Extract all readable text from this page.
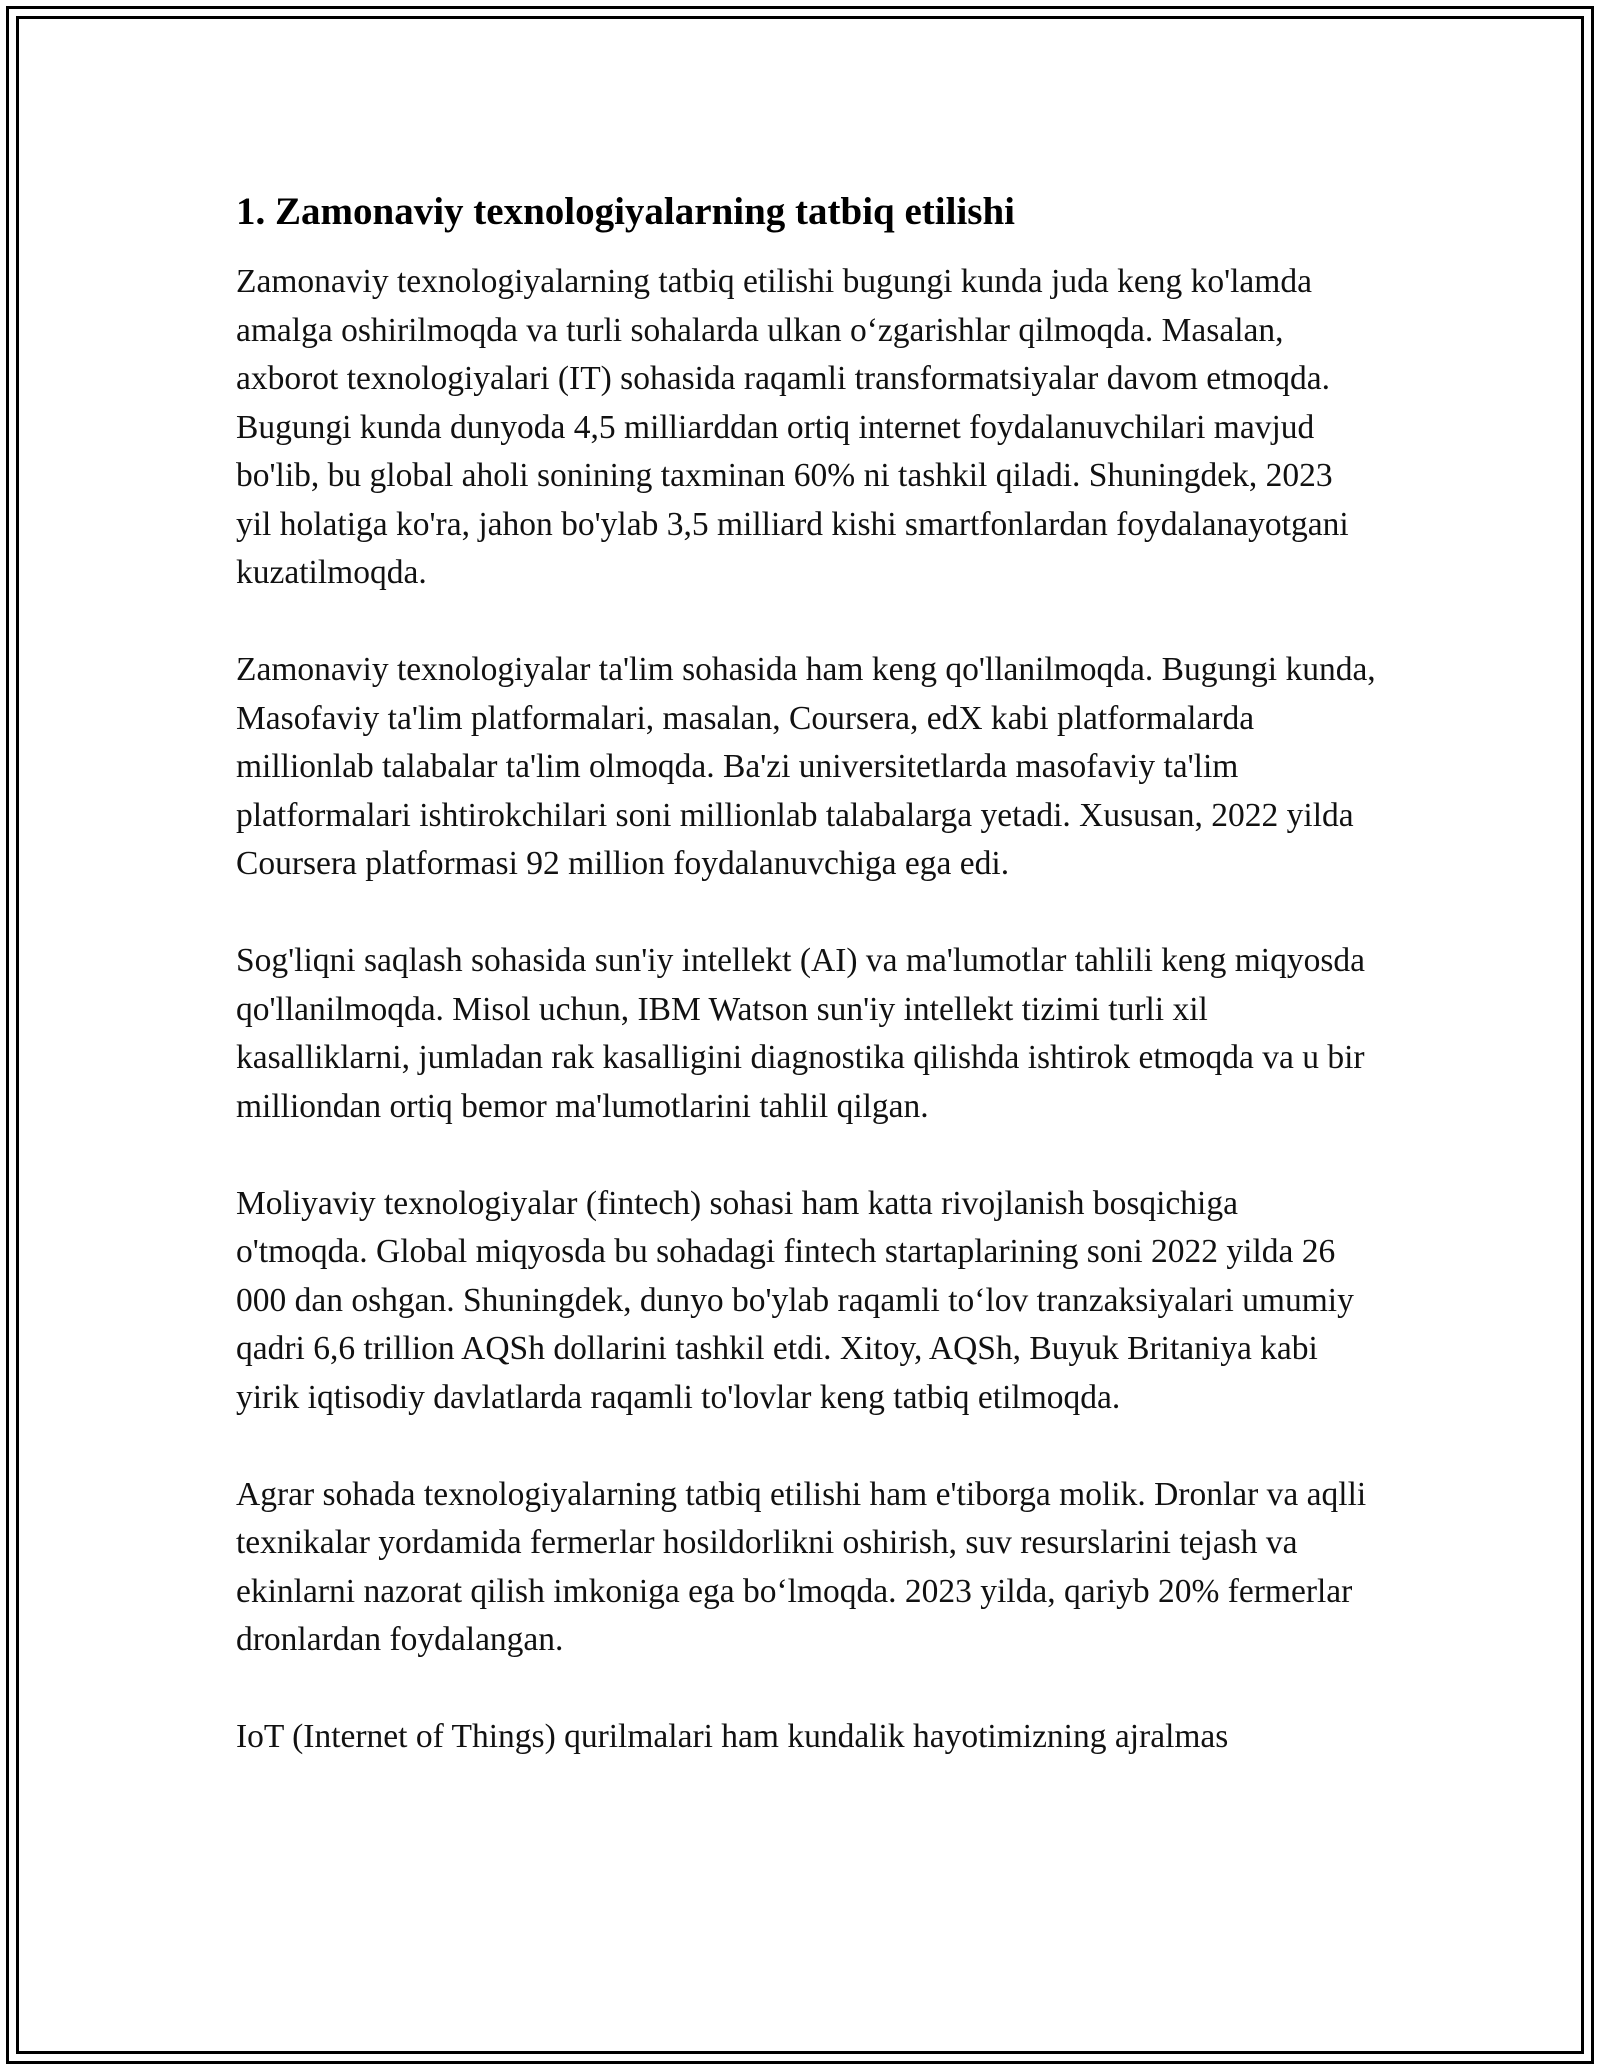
1. Zamonaviy texnologiyalarning tatbiq etilishi

Zamonaviy texnologiyalarning tatbiq etilishi bugungi kunda juda keng ko'lamda amalga oshirilmoqda va turli sohalarda ulkan o‘zgarishlar qilmoqda. Masalan, axborot texnologiyalari (IT) sohasida raqamli transformatsiyalar davom etmoqda. Bugungi kunda dunyoda 4,5 milliarddan ortiq internet foydalanuvchilari mavjud bo'lib, bu global aholi sonining taxminan 60% ni tashkil qiladi. Shuningdek, 2023 yil holatiga ko'ra, jahon bo'ylab 3,5 milliard kishi smartfonlardan foydalanayotgani kuzatilmoqda.

Zamonaviy texnologiyalar ta'lim sohasida ham keng qo'llanilmoqda. Bugungi kunda, Masofaviy ta'lim platformalari, masalan, Coursera, edX kabi platformalarda millionlab talabalar ta'lim olmoqda. Ba'zi universitetlarda masofaviy ta'lim platformalari ishtirokchilari soni millionlab talabalarga yetadi. Xususan, 2022 yilda Coursera platformasi 92 million foydalanuvchiga ega edi.

Sog'liqni saqlash sohasida sun'iy intellekt (AI) va ma'lumotlar tahlili keng miqyosda qo'llanilmoqda. Misol uchun, IBM Watson sun'iy intellekt tizimi turli xil kasalliklarni, jumladan rak kasalligini diagnostika qilishda ishtirok etmoqda va u bir milliondan ortiq bemor ma'lumotlarini tahlil qilgan.

Moliyaviy texnologiyalar (fintech) sohasi ham katta rivojlanish bosqichiga o'tmoqda. Global miqyosda bu sohadagi fintech startaplarining soni 2022 yilda 26 000 dan oshgan. Shuningdek, dunyo bo'ylab raqamli to‘lov tranzaksiyalari umumiy qadri 6,6 trillion AQSh dollarini tashkil etdi. Xitoy, AQSh, Buyuk Britaniya kabi yirik iqtisodiy davlatlarda raqamli to'lovlar keng tatbiq etilmoqda.

Agrar sohada texnologiyalarning tatbiq etilishi ham e'tiborga molik. Dronlar va aqlli texnikalar yordamida fermerlar hosildorlikni oshirish, suv resurslarini tejash va ekinlarni nazorat qilish imkoniga ega bo‘lmoqda. 2023 yilda, qariyb 20% fermerlar dronlardan foydalangan.

IoT (Internet of Things) qurilmalari ham kundalik hayotimizning ajralmas
